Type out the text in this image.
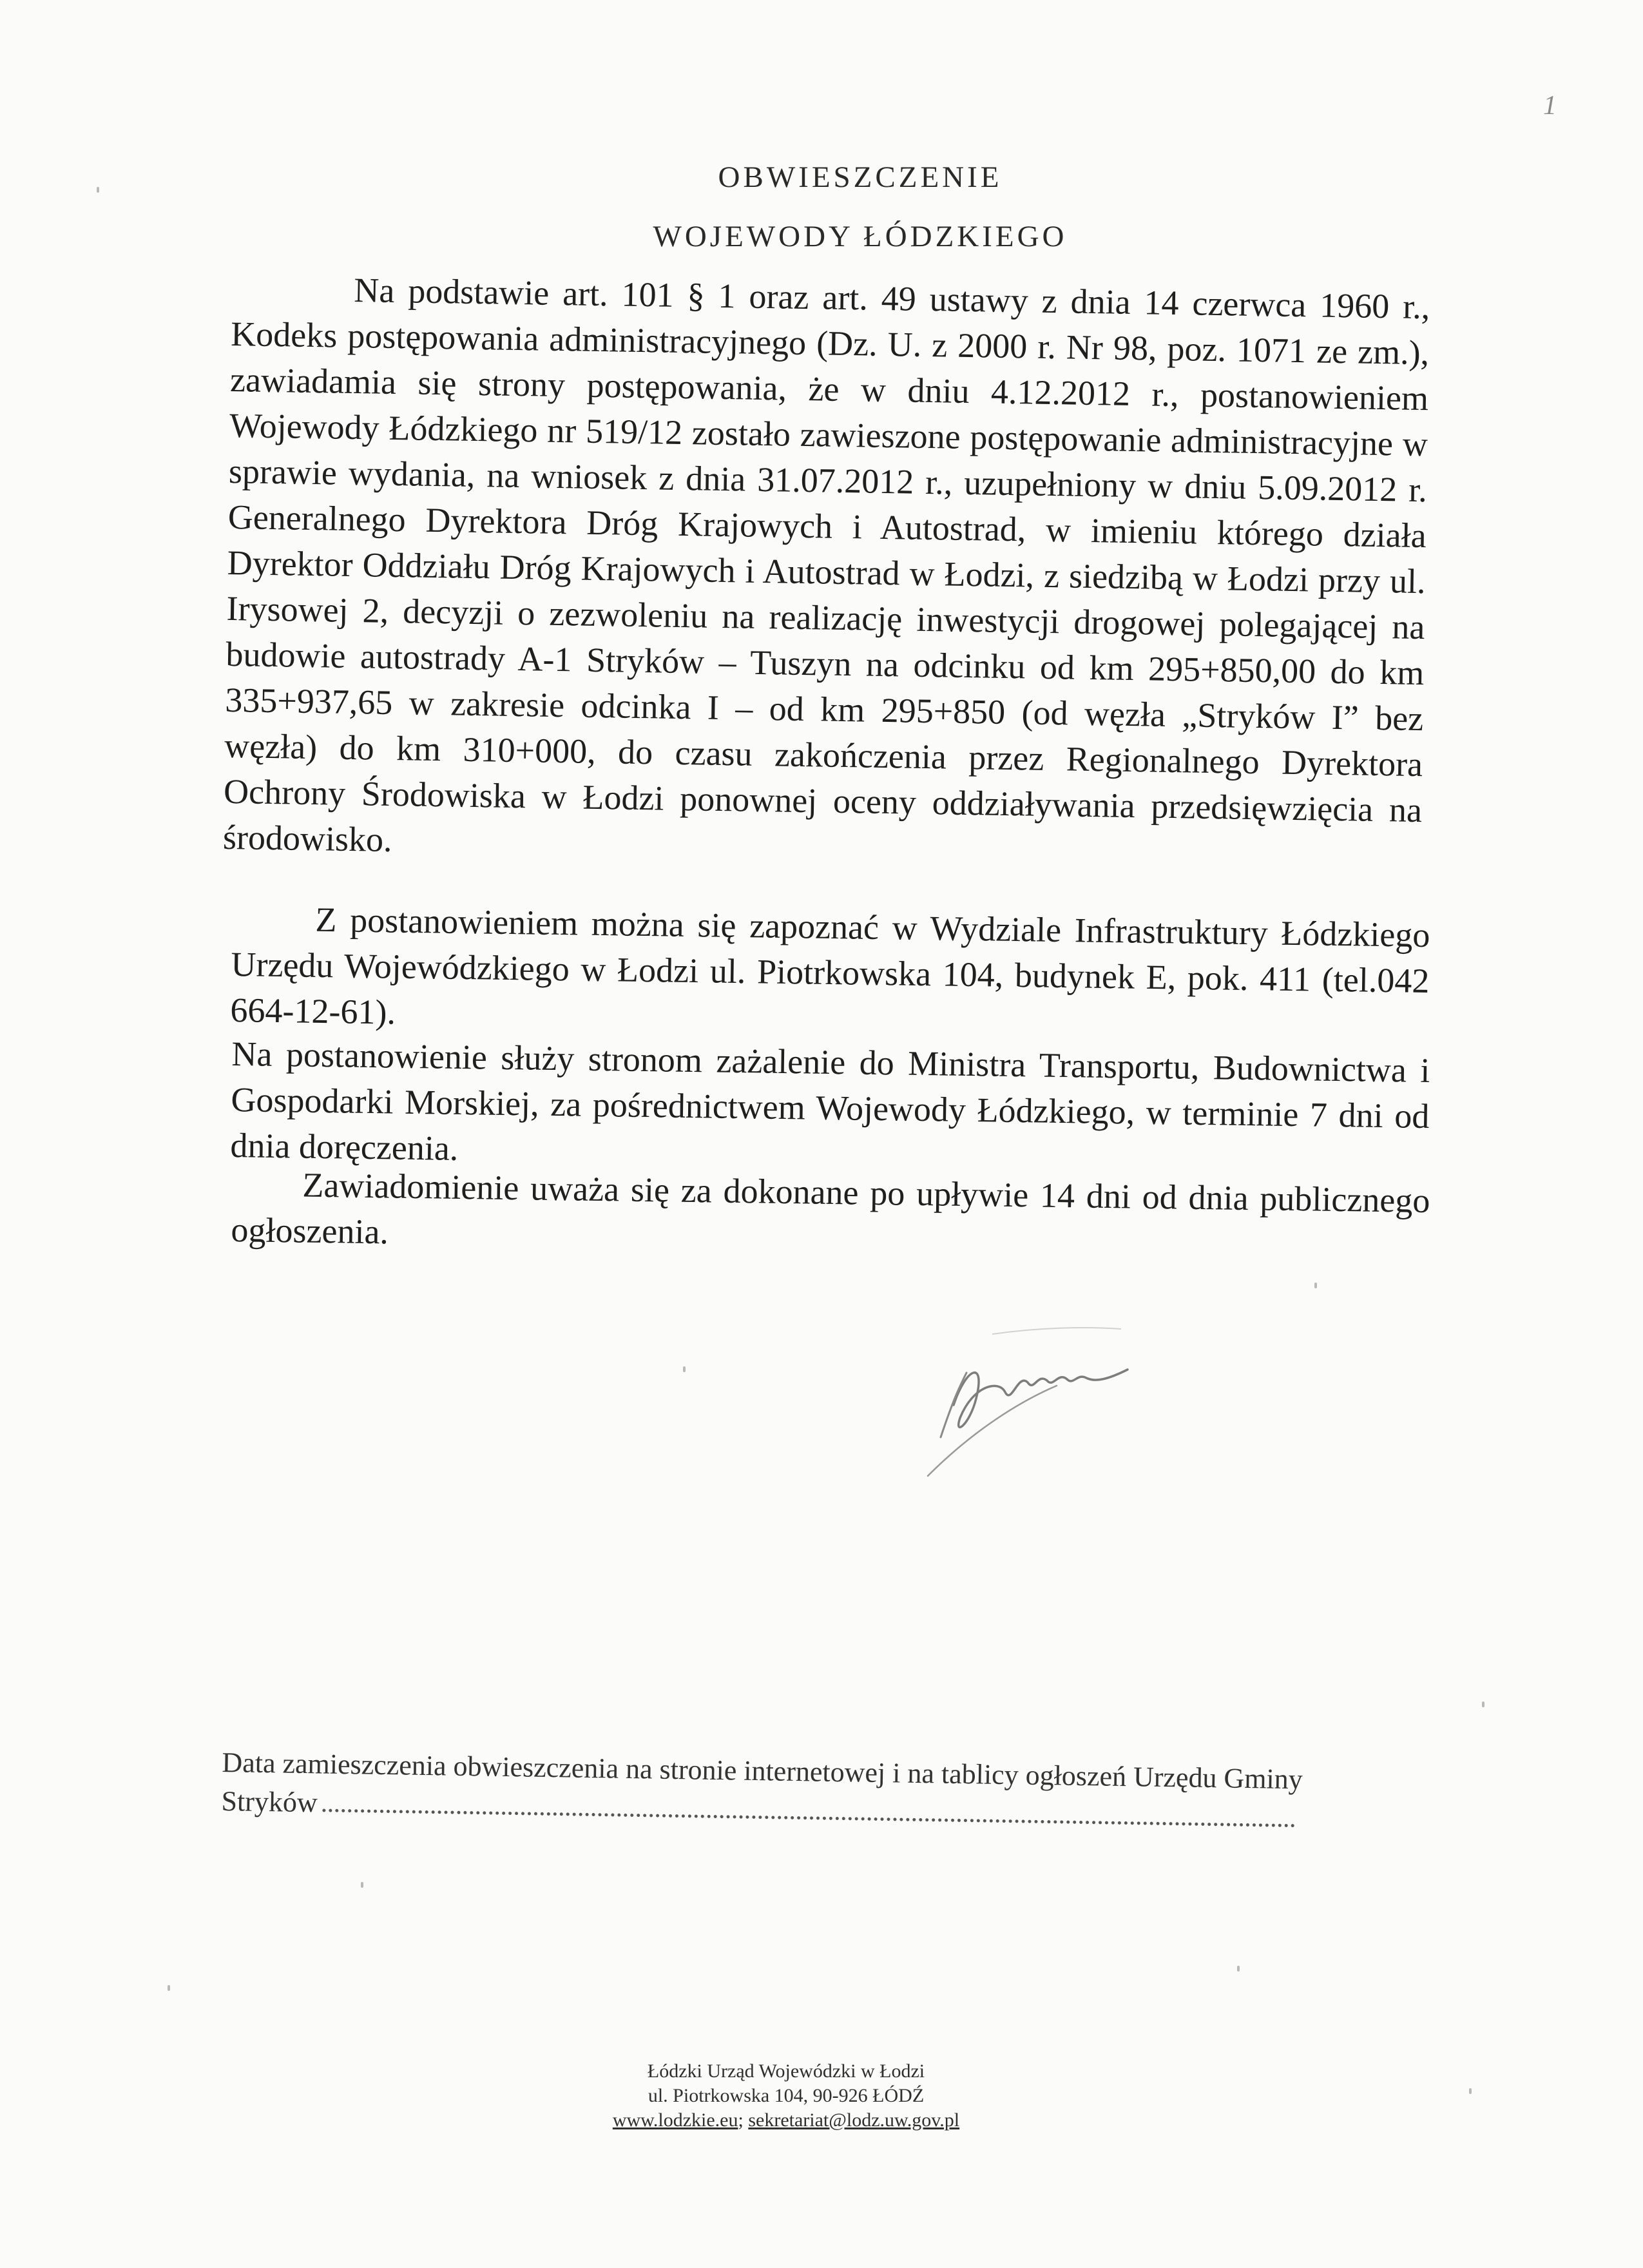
1
OBWIESZCZENIE
WOJEWODY ŁÓDZKIEGO

Na podstawie art. 101 § 1 oraz art. 49 ustawy z dnia 14 czerwca 1960 r., Kodeks postępowania administracyjnego (Dz. U. z 2000 r. Nr 98, poz. 1071 ze zm.), zawiadamia się strony postępowania, że w dniu 4.12.2012 r., postanowieniem Wojewody Łódzkiego nr 519/12 zostało zawieszone postępowanie administracyjne w sprawie wydania, na wniosek z dnia 31.07.2012 r., uzupełniony w dniu 5.09.2012 r. Generalnego Dyrektora Dróg Krajowych i Autostrad, w imieniu którego działa Dyrektor Oddziału Dróg Krajowych i Autostrad w Łodzi, z siedzibą w Łodzi przy ul. Irysowej 2, decyzji o zezwoleniu na realizację inwestycji drogowej polegającej na budowie autostrady A-1 Stryków – Tuszyn na odcinku od km 295+850,00 do km 335+937,65 w zakresie odcinka I – od km 295+850 (od węzła „Stryków I” bez węzła) do km 310+000, do czasu zakończenia przez Regionalnego Dyrektora Ochrony Środowiska w Łodzi ponownej oceny oddziaływania przedsięwzięcia na środowisko.

Z postanowieniem można się zapoznać w Wydziale Infrastruktury Łódzkiego Urzędu Wojewódzkiego w Łodzi ul. Piotrkowska 104, budynek E, pok. 411 (tel.042 664-12-61).

Na postanowienie służy stronom zażalenie do Ministra Transportu, Budownictwa i Gospodarki Morskiej, za pośrednictwem Wojewody Łódzkiego, w terminie 7 dni od dnia doręczenia.

Zawiadomienie uważa się za dokonane po upływie 14 dni od dnia publicznego ogłoszenia.

Data zamieszczenia obwieszczenia na stronie internetowej i na tablicy ogłoszeń Urzędu Gminy Stryków
Łódzki Urząd Wojewódzki w Łodzi
ul. Piotrkowska 104, 90-926 ŁÓDŹ
www.lodzkie.eu; sekretariat@lodz.uw.gov.pl
